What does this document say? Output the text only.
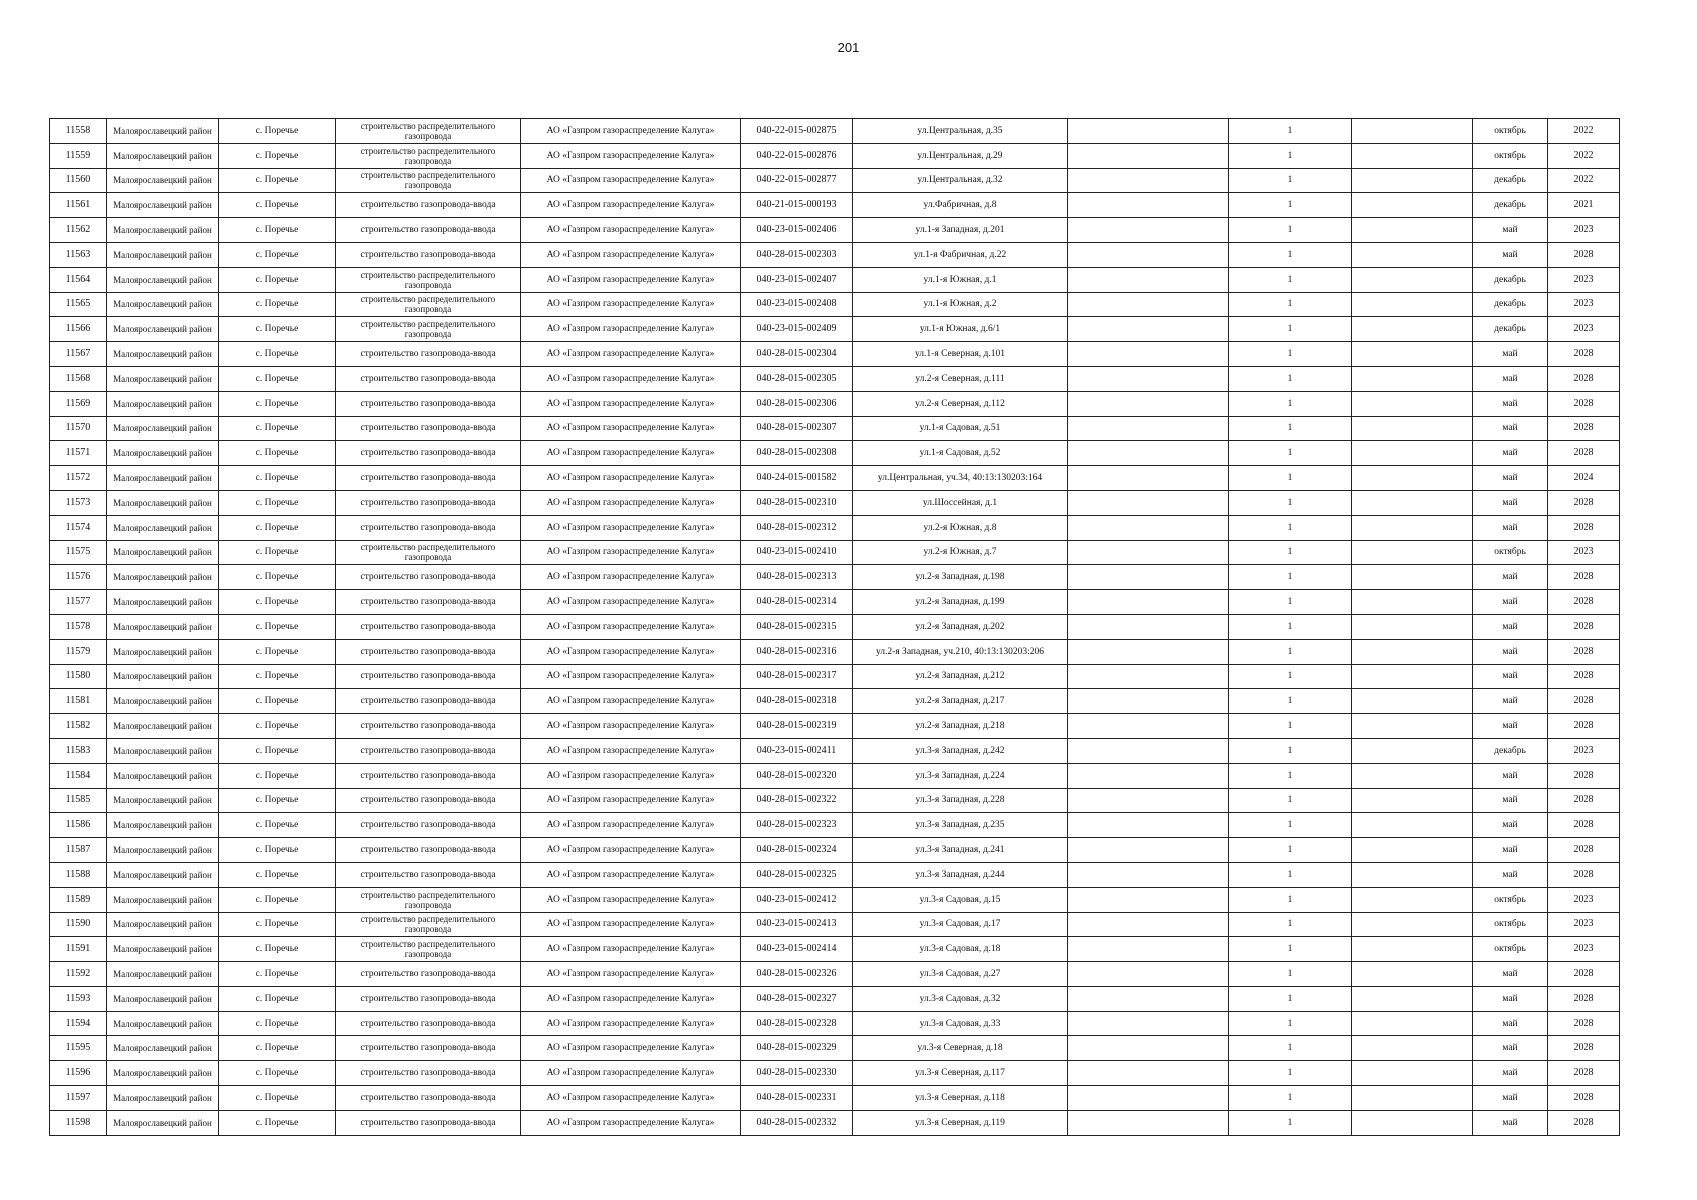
201
11558	Малоярославецкий район	с. Поречье	строительство распределительного газопровода	АО «Газпром газораспределение Калуга»	040-22-015-002875	ул.Центральная, д.35		1		октябрь	2022
11559	Малоярославецкий район	с. Поречье	строительство распределительного газопровода	АО «Газпром газораспределение Калуга»	040-22-015-002876	ул.Центральная, д.29		1		октябрь	2022
11560	Малоярославецкий район	с. Поречье	строительство распределительного газопровода	АО «Газпром газораспределение Калуга»	040-22-015-002877	ул.Центральная, д.32		1		декабрь	2022
11561	Малоярославецкий район	с. Поречье	строительство газопровода-ввода	АО «Газпром газораспределение Калуга»	040-21-015-000193	ул.Фабричная, д.8		1		декабрь	2021
11562	Малоярославецкий район	с. Поречье	строительство газопровода-ввода	АО «Газпром газораспределение Калуга»	040-23-015-002406	ул.1-я Западная, д.201		1		май	2023
11563	Малоярославецкий район	с. Поречье	строительство газопровода-ввода	АО «Газпром газораспределение Калуга»	040-28-015-002303	ул.1-я Фабричная, д.22		1		май	2028
11564	Малоярославецкий район	с. Поречье	строительство распределительного газопровода	АО «Газпром газораспределение Калуга»	040-23-015-002407	ул.1-я Южная, д.1		1		декабрь	2023
11565	Малоярославецкий район	с. Поречье	строительство распределительного газопровода	АО «Газпром газораспределение Калуга»	040-23-015-002408	ул.1-я Южная, д.2		1		декабрь	2023
11566	Малоярославецкий район	с. Поречье	строительство распределительного газопровода	АО «Газпром газораспределение Калуга»	040-23-015-002409	ул.1-я Южная, д.6/1		1		декабрь	2023
11567	Малоярославецкий район	с. Поречье	строительство газопровода-ввода	АО «Газпром газораспределение Калуга»	040-28-015-002304	ул.1-я Северная, д.101		1		май	2028
11568	Малоярославецкий район	с. Поречье	строительство газопровода-ввода	АО «Газпром газораспределение Калуга»	040-28-015-002305	ул.2-я Северная, д.111		1		май	2028
11569	Малоярославецкий район	с. Поречье	строительство газопровода-ввода	АО «Газпром газораспределение Калуга»	040-28-015-002306	ул.2-я Северная, д.112		1		май	2028
11570	Малоярославецкий район	с. Поречье	строительство газопровода-ввода	АО «Газпром газораспределение Калуга»	040-28-015-002307	ул.1-я Садовая, д.51		1		май	2028
11571	Малоярославецкий район	с. Поречье	строительство газопровода-ввода	АО «Газпром газораспределение Калуга»	040-28-015-002308	ул.1-я Садовая, д.52		1		май	2028
11572	Малоярославецкий район	с. Поречье	строительство газопровода-ввода	АО «Газпром газораспределение Калуга»	040-24-015-001582	ул.Центральная, уч.34, 40:13:130203:164		1		май	2024
11573	Малоярославецкий район	с. Поречье	строительство газопровода-ввода	АО «Газпром газораспределение Калуга»	040-28-015-002310	ул.Шоссейная, д.1		1		май	2028
11574	Малоярославецкий район	с. Поречье	строительство газопровода-ввода	АО «Газпром газораспределение Калуга»	040-28-015-002312	ул.2-я Южная, д.8		1		май	2028
11575	Малоярославецкий район	с. Поречье	строительство распределительного газопровода	АО «Газпром газораспределение Калуга»	040-23-015-002410	ул.2-я Южная, д.7		1		октябрь	2023
11576	Малоярославецкий район	с. Поречье	строительство газопровода-ввода	АО «Газпром газораспределение Калуга»	040-28-015-002313	ул.2-я Западная, д.198		1		май	2028
11577	Малоярославецкий район	с. Поречье	строительство газопровода-ввода	АО «Газпром газораспределение Калуга»	040-28-015-002314	ул.2-я Западная, д.199		1		май	2028
11578	Малоярославецкий район	с. Поречье	строительство газопровода-ввода	АО «Газпром газораспределение Калуга»	040-28-015-002315	ул.2-я Западная, д.202		1		май	2028
11579	Малоярославецкий район	с. Поречье	строительство газопровода-ввода	АО «Газпром газораспределение Калуга»	040-28-015-002316	ул.2-я Западная, уч.210, 40:13:130203:206		1		май	2028
11580	Малоярославецкий район	с. Поречье	строительство газопровода-ввода	АО «Газпром газораспределение Калуга»	040-28-015-002317	ул.2-я Западная, д.212		1		май	2028
11581	Малоярославецкий район	с. Поречье	строительство газопровода-ввода	АО «Газпром газораспределение Калуга»	040-28-015-002318	ул.2-я Западная, д.217		1		май	2028
11582	Малоярославецкий район	с. Поречье	строительство газопровода-ввода	АО «Газпром газораспределение Калуга»	040-28-015-002319	ул.2-я Западная, д.218		1		май	2028
11583	Малоярославецкий район	с. Поречье	строительство газопровода-ввода	АО «Газпром газораспределение Калуга»	040-23-015-002411	ул.3-я Западная, д.242		1		декабрь	2023
11584	Малоярославецкий район	с. Поречье	строительство газопровода-ввода	АО «Газпром газораспределение Калуга»	040-28-015-002320	ул.3-я Западная, д.224		1		май	2028
11585	Малоярославецкий район	с. Поречье	строительство газопровода-ввода	АО «Газпром газораспределение Калуга»	040-28-015-002322	ул.3-я Западная, д.228		1		май	2028
11586	Малоярославецкий район	с. Поречье	строительство газопровода-ввода	АО «Газпром газораспределение Калуга»	040-28-015-002323	ул.3-я Западная, д.235		1		май	2028
11587	Малоярославецкий район	с. Поречье	строительство газопровода-ввода	АО «Газпром газораспределение Калуга»	040-28-015-002324	ул.3-я Западная, д.241		1		май	2028
11588	Малоярославецкий район	с. Поречье	строительство газопровода-ввода	АО «Газпром газораспределение Калуга»	040-28-015-002325	ул.3-я Западная, д.244		1		май	2028
11589	Малоярославецкий район	с. Поречье	строительство распределительного газопровода	АО «Газпром газораспределение Калуга»	040-23-015-002412	ул.3-я Садовая, д.15		1		октябрь	2023
11590	Малоярославецкий район	с. Поречье	строительство распределительного газопровода	АО «Газпром газораспределение Калуга»	040-23-015-002413	ул.3-я Садовая, д.17		1		октябрь	2023
11591	Малоярославецкий район	с. Поречье	строительство распределительного газопровода	АО «Газпром газораспределение Калуга»	040-23-015-002414	ул.3-я Садовая, д.18		1		октябрь	2023
11592	Малоярославецкий район	с. Поречье	строительство газопровода-ввода	АО «Газпром газораспределение Калуга»	040-28-015-002326	ул.3-я Садовая, д.27		1		май	2028
11593	Малоярославецкий район	с. Поречье	строительство газопровода-ввода	АО «Газпром газораспределение Калуга»	040-28-015-002327	ул.3-я Садовая, д.32		1		май	2028
11594	Малоярославецкий район	с. Поречье	строительство газопровода-ввода	АО «Газпром газораспределение Калуга»	040-28-015-002328	ул.3-я Садовая, д.33		1		май	2028
11595	Малоярославецкий район	с. Поречье	строительство газопровода-ввода	АО «Газпром газораспределение Калуга»	040-28-015-002329	ул.3-я Северная, д.18		1		май	2028
11596	Малоярославецкий район	с. Поречье	строительство газопровода-ввода	АО «Газпром газораспределение Калуга»	040-28-015-002330	ул.3-я Северная, д.117		1		май	2028
11597	Малоярославецкий район	с. Поречье	строительство газопровода-ввода	АО «Газпром газораспределение Калуга»	040-28-015-002331	ул.3-я Северная, д.118		1		май	2028
11598	Малоярославецкий район	с. Поречье	строительство газопровода-ввода	АО «Газпром газораспределение Калуга»	040-28-015-002332	ул.3-я Северная, д.119		1		май	2028
